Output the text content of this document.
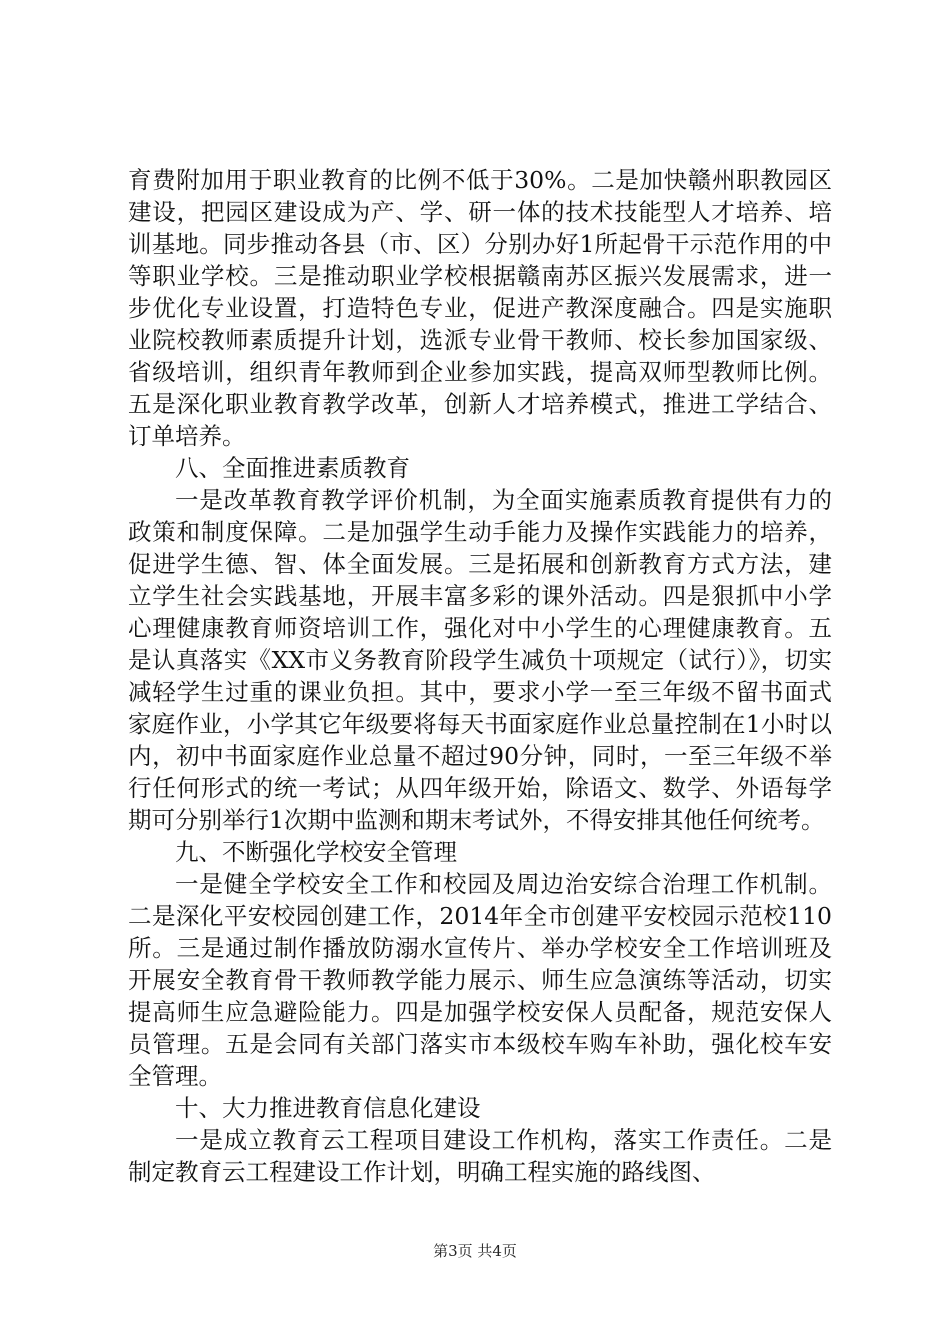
育费附加用于职业教育的比例不低于30%。二是加快赣州职教园区建设，把园区建设成为产、学、研一体的技术技能型人才培养、培训基地。同步推动各县（市、区）分别办好1所起骨干示范作用的中等职业学校。三是推动职业学校根据赣南苏区振兴发展需求，进一步优化专业设置，打造特色专业，促进产教深度融合。四是实施职业院校教师素质提升计划，选派专业骨干教师、校长参加国家级、省级培训，组织青年教师到企业参加实践，提高双师型教师比例。五是深化职业教育教学改革，创新人才培养模式，推进工学结合、订单培养。

八、全面推进素质教育

一是改革教育教学评价机制，为全面实施素质教育提供有力的政策和制度保障。二是加强学生动手能力及操作实践能力的培养，促进学生德、智、体全面发展。三是拓展和创新教育方式方法，建立学生社会实践基地，开展丰富多彩的课外活动。四是狠抓中小学心理健康教育师资培训工作，强化对中小学生的心理健康教育。五是认真落实《XX市义务教育阶段学生减负十项规定（试行）》，切实减轻学生过重的课业负担。其中，要求小学一至三年级不留书面式家庭作业，小学其它年级要将每天书面家庭作业总量控制在1小时以内，初中书面家庭作业总量不超过90分钟，同时，一至三年级不举行任何形式的统一考试；从四年级开始，除语文、数学、外语每学期可分别举行1次期中监测和期末考试外，不得安排其他任何统考。

九、不断强化学校安全管理

一是健全学校安全工作和校园及周边治安综合治理工作机制。二是深化平安校园创建工作，2014年全市创建平安校园示范校110所。三是通过制作播放防溺水宣传片、举办学校安全工作培训班及开展安全教育骨干教师教学能力展示、师生应急演练等活动，切实提高师生应急避险能力。四是加强学校安保人员配备，规范安保人员管理。五是会同有关部门落实市本级校车购车补助，强化校车安全管理。

十、大力推进教育信息化建设

一是成立教育云工程项目建设工作机构，落实工作责任。二是制定教育云工程建设工作计划，明确工程实施的路线图、

第3页 共4页
